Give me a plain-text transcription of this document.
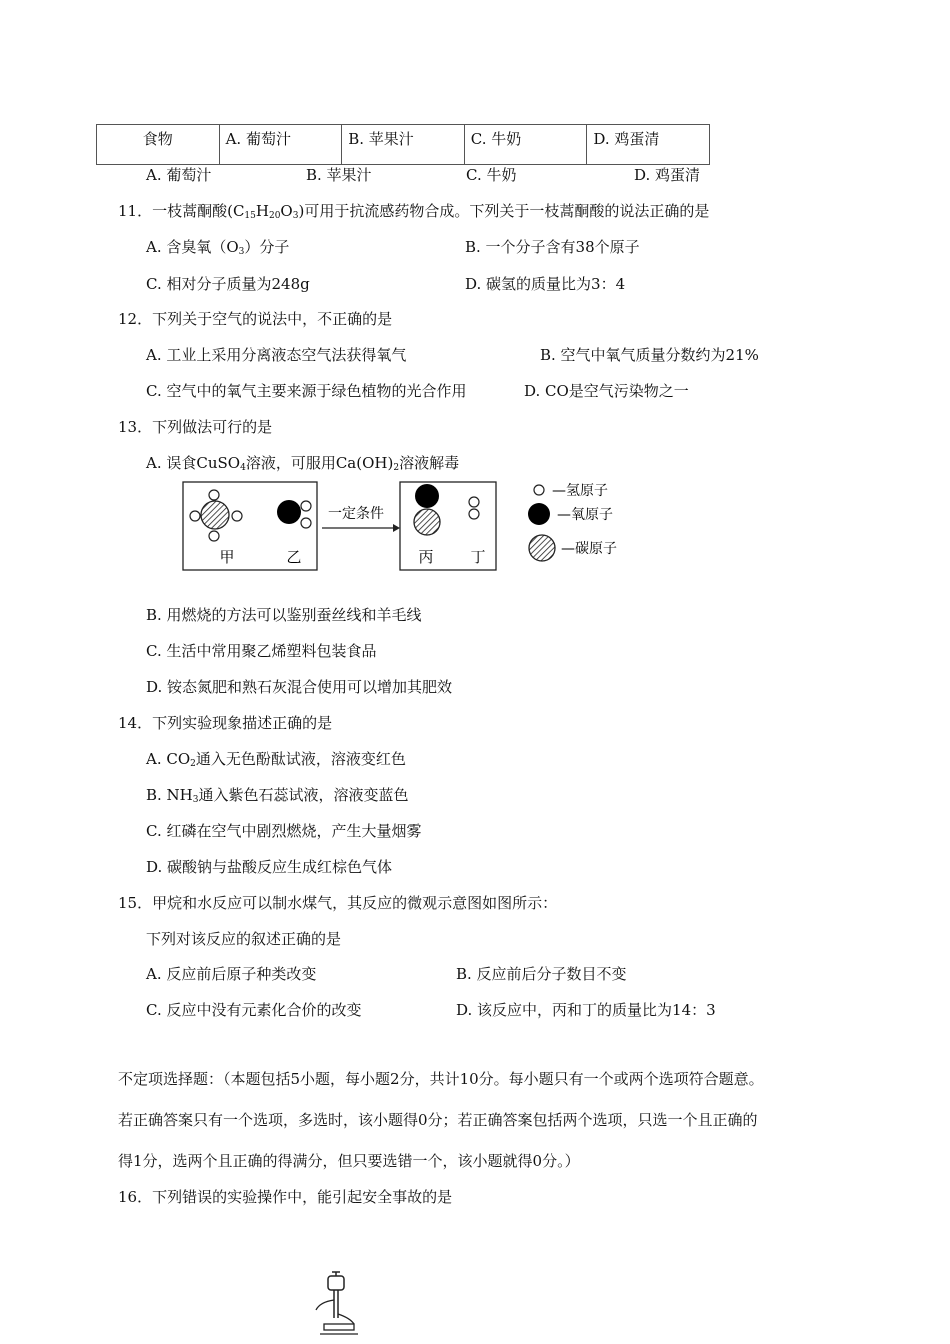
食物	A. 葡萄汁	B. 苹果汁	C. 牛奶	D. 鸡蛋清
A. 葡萄汁	B. 苹果汁	C. 牛奶	D. 鸡蛋清
11．一枝蒿酮酸$(C_{15}H_{20}O_3)$可用于抗流感药物合成。下列关于一枝蒿酮酸的说法正确的是
A. 含臭氧$(O_3)$分子	B. 一个分子含有38个原子
C. 相对分子质量为248g	D. 碳氢的质量比为3：4
12．下列关于空气的说法中，不正确的是
A. 工业上采用分离液态空气法获得氧气	B. 空气中氧气质量分数约为21%
C. 空气中的氧气主要来源于绿色植物的光合作用	D. CO是空气污染物之一
13．下列做法可行的是
A. 误食CuSO$_4$溶液，可服用$Ca(OH)_2$溶液解毒
甲	乙
一定条件
丙 丁
—氢原子
—氧原子
—碳原子
B. 用燃烧的方法可以鉴别蚕丝线和羊毛线
C. 生活中常用聚乙烯塑料包装食品
D. 铵态氮肥和熟石灰混合使用可以增加其肥效
14．下列实验现象描述正确的是
A. $CO_2$通入无色酚酞试液，溶液变红色
B. $NH_3$通入紫色石蕊试液，溶液变蓝色
C. 红磷在空气中剧烈燃烧，产生大量烟雾
D. 碳酸钠与盐酸反应生成红棕色气体
15．甲烷和水反应可以制水煤气，其反应的微观示意图如图所示：
下列对该反应的叙述正确的是
A. 反应前后原子种类改变	B. 反应前后分子数目不变
C. 反应中没有元素化合价的改变	D. 该反应中，丙和丁的质量比为14：3
不定项选择题：（本题包括5小题，每小题2分，共计10分。每小题只有一个或两个选项符合题意。
若正确答案只有一个选项，多选时，该小题得0分；若正确答案包括两个选项，只选一个且正确的
得1分，选两个且正确的得满分，但只要选错一个，该小题就得0分。）
16．下列错误的实验操作中，能引起安全事故的是
